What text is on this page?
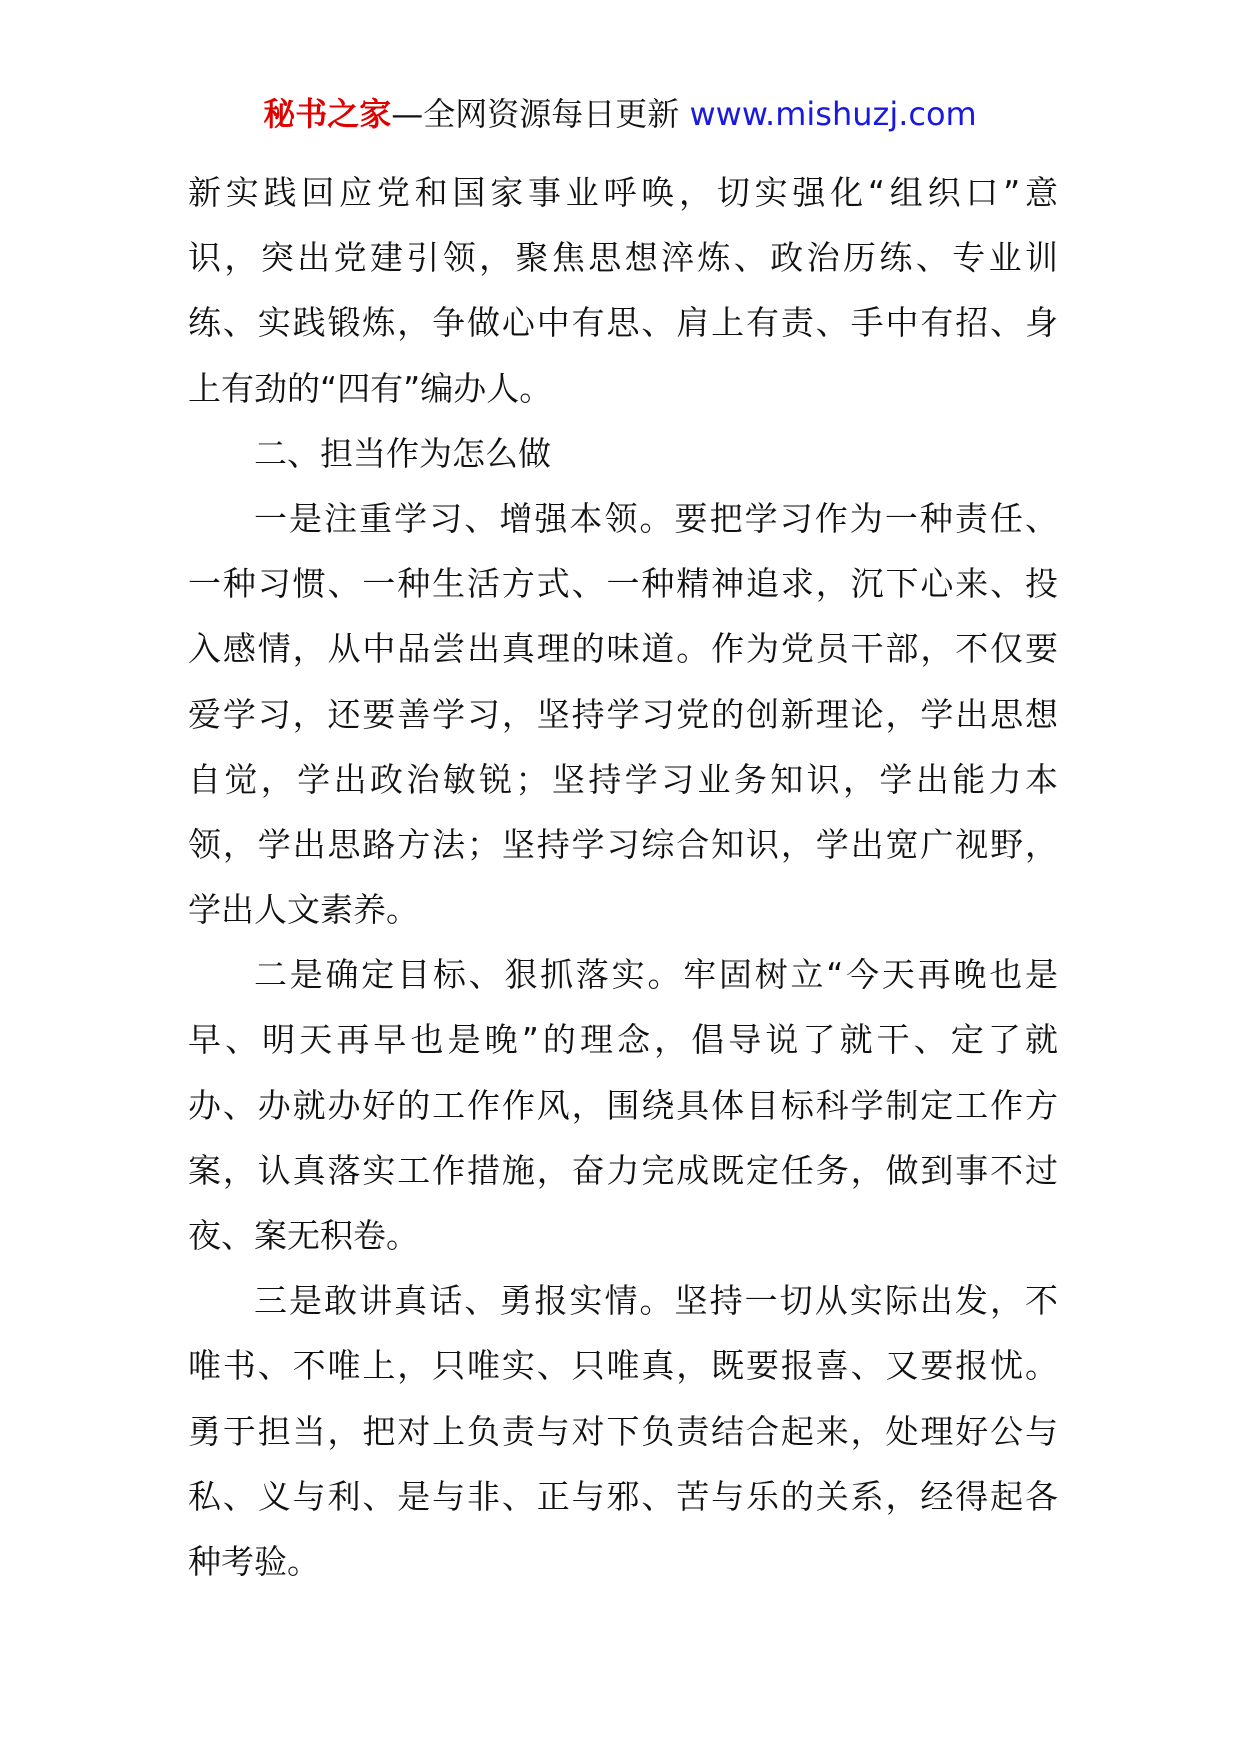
秘书之家—全网资源每日更新 www.mishuzj.com
新实践回应党和国家事业呼唤，切实强化“组织口”意
识，突出党建引领，聚焦思想淬炼、政治历练、专业训
练、实践锻炼，争做心中有思、肩上有责、手中有招、身
上有劲的“四有”编办人。
二、担当作为怎么做
一是注重学习、增强本领。要把学习作为一种责任、
一种习惯、一种生活方式、一种精神追求，沉下心来、投
入感情，从中品尝出真理的味道。作为党员干部，不仅要
爱学习，还要善学习，坚持学习党的创新理论，学出思想
自觉，学出政治敏锐；坚持学习业务知识，学出能力本
领，学出思路方法；坚持学习综合知识，学出宽广视野，
学出人文素养。
二是确定目标、狠抓落实。牢固树立“今天再晚也是
早、明天再早也是晚”的理念，倡导说了就干、定了就
办、办就办好的工作作风，围绕具体目标科学制定工作方
案，认真落实工作措施，奋力完成既定任务，做到事不过
夜、案无积卷。
三是敢讲真话、勇报实情。坚持一切从实际出发，不
唯书、不唯上，只唯实、只唯真，既要报喜、又要报忧。
勇于担当，把对上负责与对下负责结合起来，处理好公与
私、义与利、是与非、正与邪、苦与乐的关系，经得起各
种考验。
